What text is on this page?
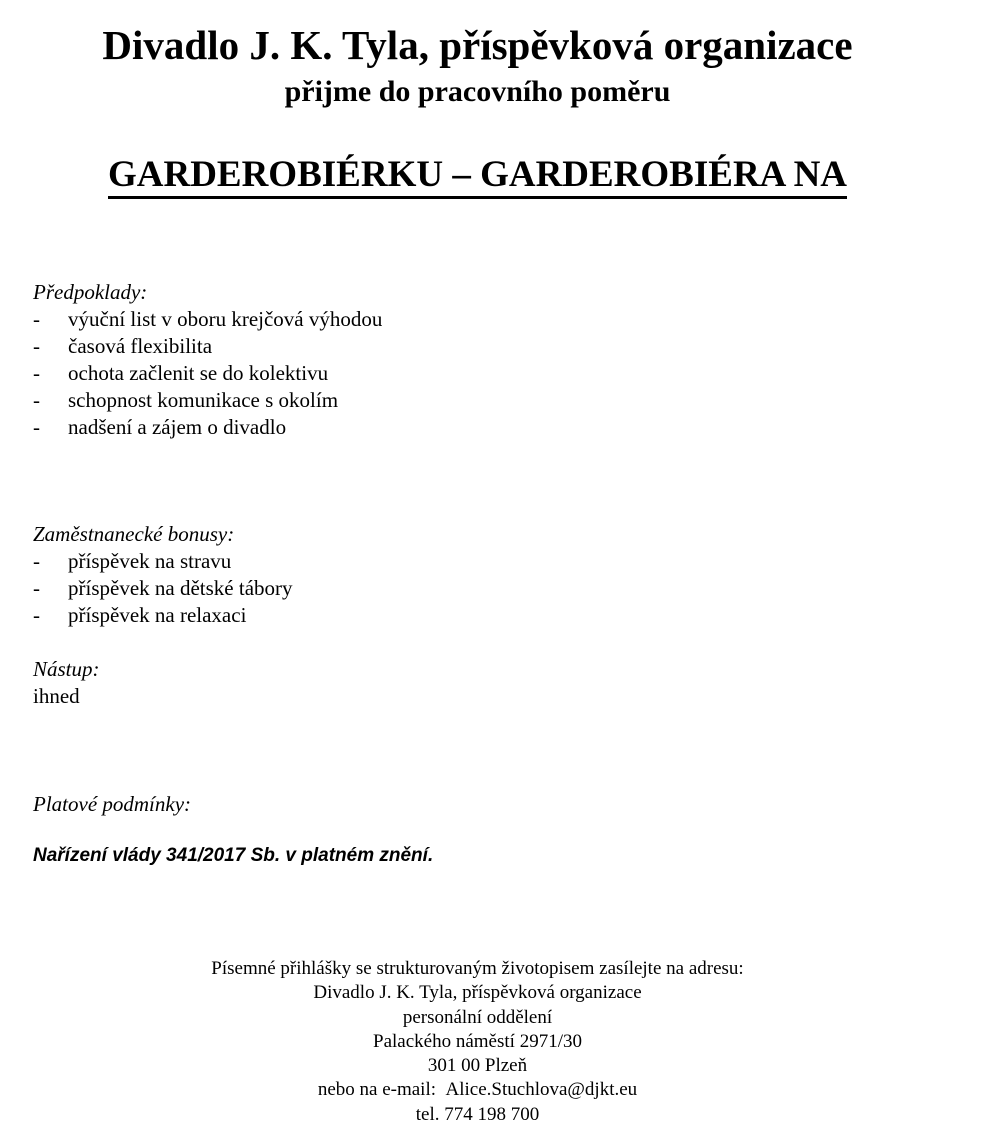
Divadlo J. K. Tyla, příspěvková organizace
přijme do pracovního poměru
GARDEROBIÉRKU – GARDEROBIÉRA NA
Předpoklady:
- výuční list v oboru krejčová výhodou
- časová flexibilita
- ochota začlenit se do kolektivu
- schopnost komunikace s okolím
- nadšení a zájem o divadlo
Zaměstnanecké bonusy:
- příspěvek na stravu
- příspěvek na dětské tábory
- příspěvek na relaxaci
Nástup:
ihned
Platové podmínky:
Nařízení vlády 341/2017 Sb. v platném znění.
Písemné přihlášky se strukturovaným životopisem zasílejte na adresu:
Divadlo J. K. Tyla, příspěvková organizace
personální oddělení
Palackého náměstí 2971/30
301 00 Plzeň
nebo na e-mail: Alice.Stuchlova@djkt.eu
tel. 774 198 700
